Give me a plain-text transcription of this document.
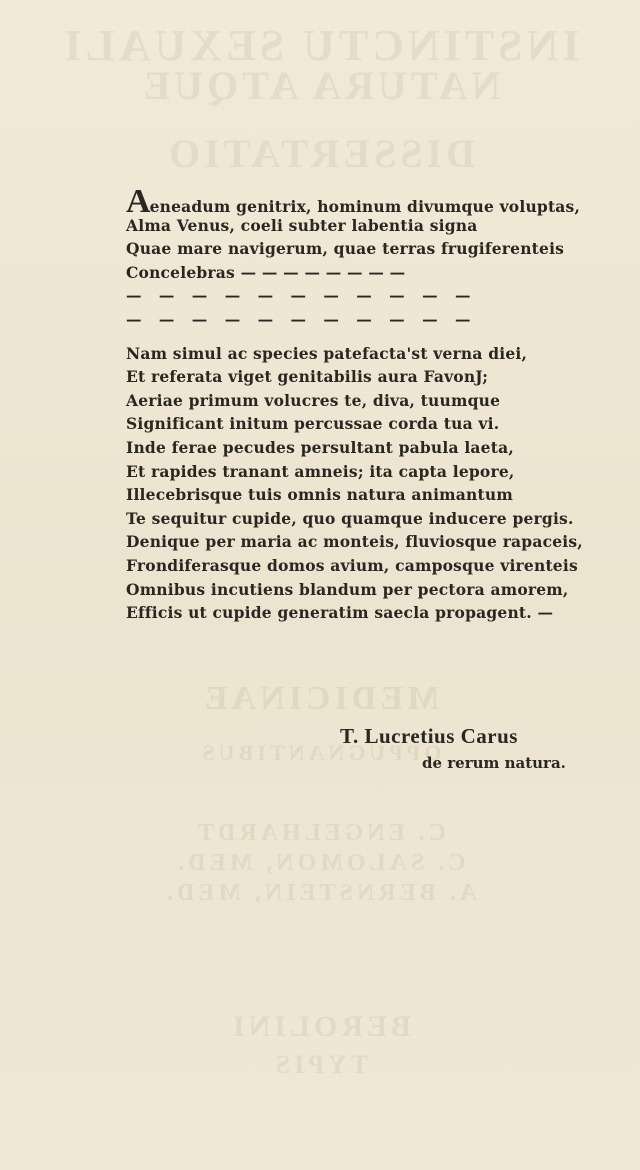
INSTINCTU SEXUALI
NATURA ATQUE
DISSERTATIO
MEDICINAE
OPPUGNANTIBUS
C. ENGELHARDT
C. SALOMON, MED.
A. BERNSTEIN, MED.
BEROLINI
TYPIS
Aeneadum genitrix, hominum divumque voluptas,
Alma Venus, coeli subter labentia signa
Quae mare navigerum, quae terras frugiferenteis
Concelebras — — — — — — — —
— — — — — — — — — — —
— — — — — — — — — — —
Nam simul ac species patefacta'st verna diei,
Et referata viget genitabilis aura FavonJ;
Aeriae primum volucres te, diva, tuumque
Significant initum percussae corda tua vi.
Inde ferae pecudes persultant pabula laeta,
Et rapides tranant amneis; ita capta lepore,
Illecebrisque tuis omnis natura animantum
Te sequitur cupide, quo quamque inducere pergis.
Denique per maria ac monteis, fluviosque rapaceis,
Frondiferasque domos avium, camposque virenteis
Omnibus incutiens blandum per pectora amorem,
Efficis ut cupide generatim saecla propagent. —
T. Lucretius Carus
de rerum natura.
